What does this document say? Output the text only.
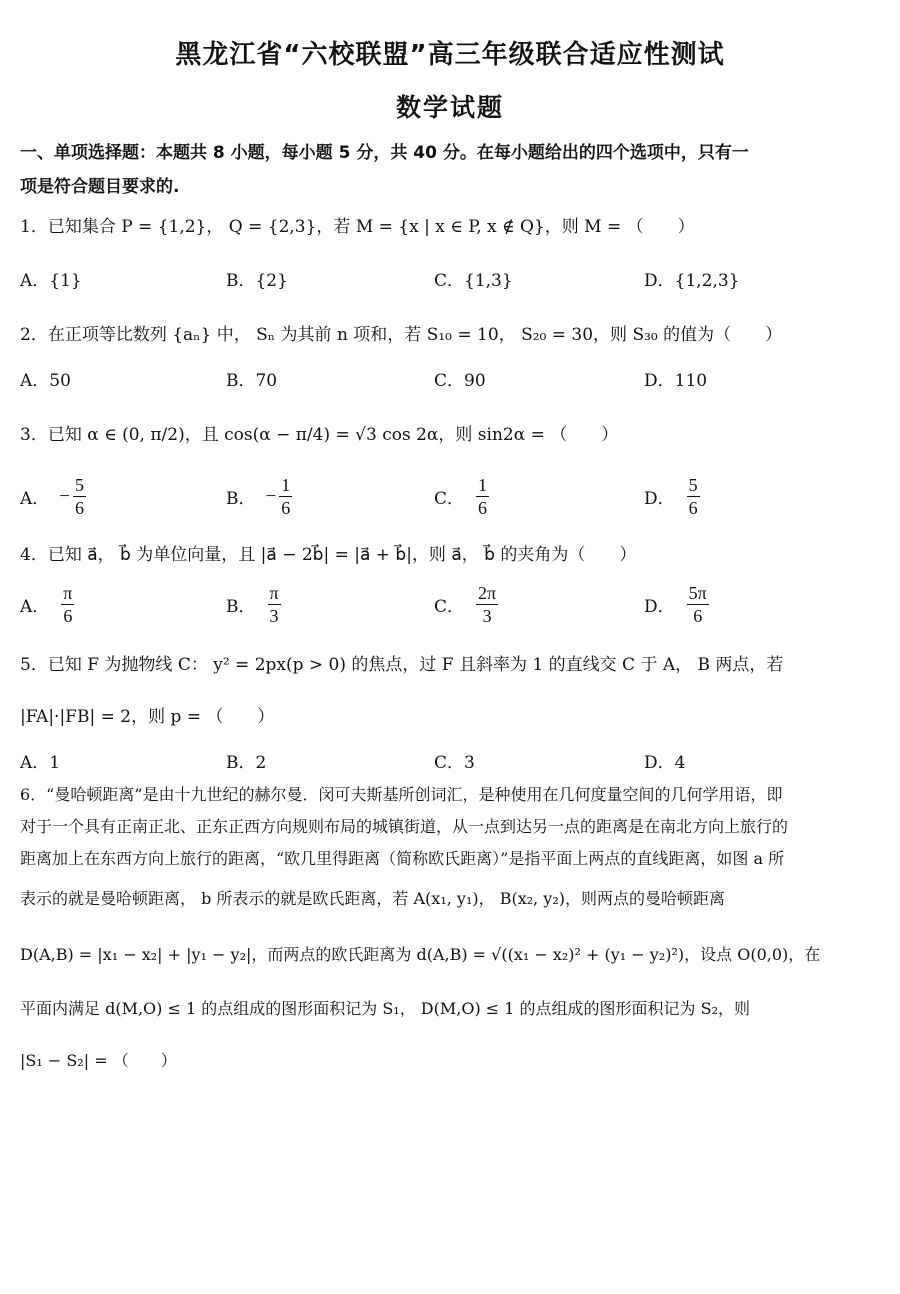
黑龙江省“六校联盟”高三年级联合适应性测试
数学试题
一、单项选择题：本题共 8 小题，每小题 5 分，共 40 分。在每小题给出的四个选项中，只有一
项是符合题目要求的.
1．已知集合 P = {1,2}， Q = {2,3}，若 M = {x | x ∈ P, x ∉ Q}，则 M = （　　）
A．{1}	B．{2}	C．{1,3}	D．{1,2,3}
2．在正项等比数列 {aₙ} 中， Sₙ 为其前 n 项和，若 S₁₀ = 10， S₂₀ = 30，则 S₃₀ 的值为（　　）
A．50	B．70	C．90	D．110
3．已知 α ∈ (0, π/2)，且 cos(α − π/4) = √3 cos 2α，则 sin2α = （　　）
A． − $\frac{5}{6}$	B． − $\frac{1}{6}$	C． $\frac{1}{6}$	D． $\frac{5}{6}$
4．已知 a⃗， b⃗ 为单位向量，且 |a⃗ − 2b⃗| = |a⃗ + b⃗|，则 a⃗， b⃗ 的夹角为（　　）
A． $\frac{\pi}{6}$	B． $\frac{\pi}{3}$	C． $\frac{2\pi}{3}$	D． $\frac{5\pi}{6}$
5．已知 F 为抛物线 C： y² = 2px(p > 0) 的焦点，过 F 且斜率为 1 的直线交 C 于 A， B 两点，若
|FA|·|FB| = 2，则 p = （　　）
A．1	B．2	C．3	D．4
6．“曼哈顿距离”是由十九世纪的赫尔曼．闵可夫斯基所创词汇，是种使用在几何度量空间的几何学用语，即
对于一个具有正南正北、正东正西方向规则布局的城镇街道，从一点到达另一点的距离是在南北方向上旅行的
距离加上在东西方向上旅行的距离，“欧几里得距离（简称欧氏距离）”是指平面上两点的直线距离，如图 a 所
表示的就是曼哈顿距离， b 所表示的就是欧氏距离，若 A(x₁, y₁)， B(x₂, y₂)，则两点的曼哈顿距离
D(A,B) = |x₁ − x₂| + |y₁ − y₂|，而两点的欧氏距离为 d(A,B) = √((x₁ − x₂)² + (y₁ − y₂)²)，设点 O(0,0)，在
平面内满足 d(M,O) ≤ 1 的点组成的图形面积记为 S₁， D(M,O) ≤ 1 的点组成的图形面积记为 S₂，则
|S₁ − S₂| = （　　）
